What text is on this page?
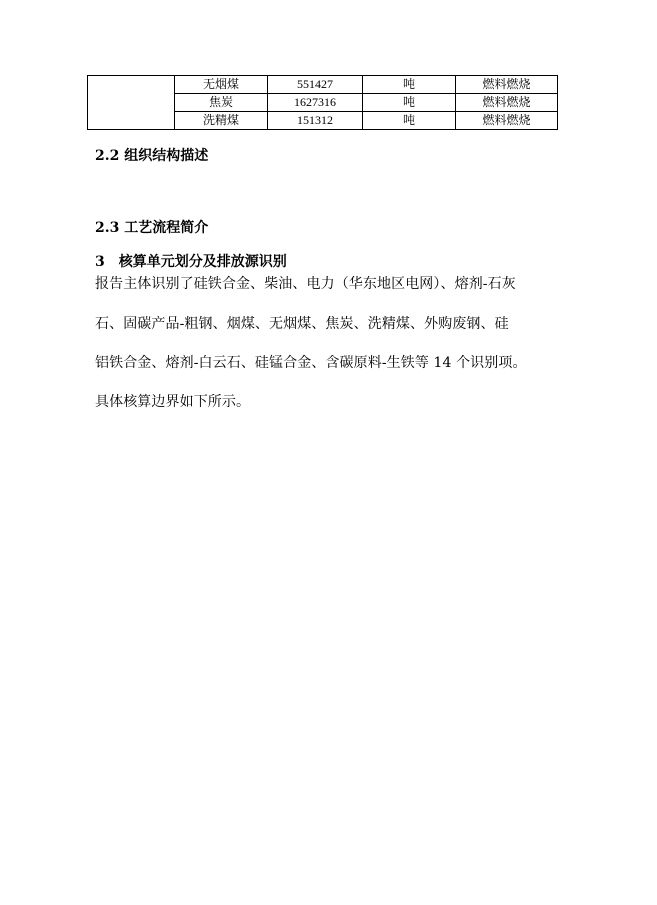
	无烟煤	551427	吨	燃料燃烧
	焦炭	1627316	吨	燃料燃烧
	洗精煤	151312	吨	燃料燃烧
2.2 组织结构描述
2.3 工艺流程简介
3　核算单元划分及排放源识别
报告主体识别了硅铁合金、柴油、电力（华东地区电网）、熔剂-石灰
石、固碳产品-粗钢、烟煤、无烟煤、焦炭、洗精煤、外购废钢、硅
铝铁合金、熔剂-白云石、硅锰合金、含碳原料-生铁等 14 个识别项。
具体核算边界如下所示。
